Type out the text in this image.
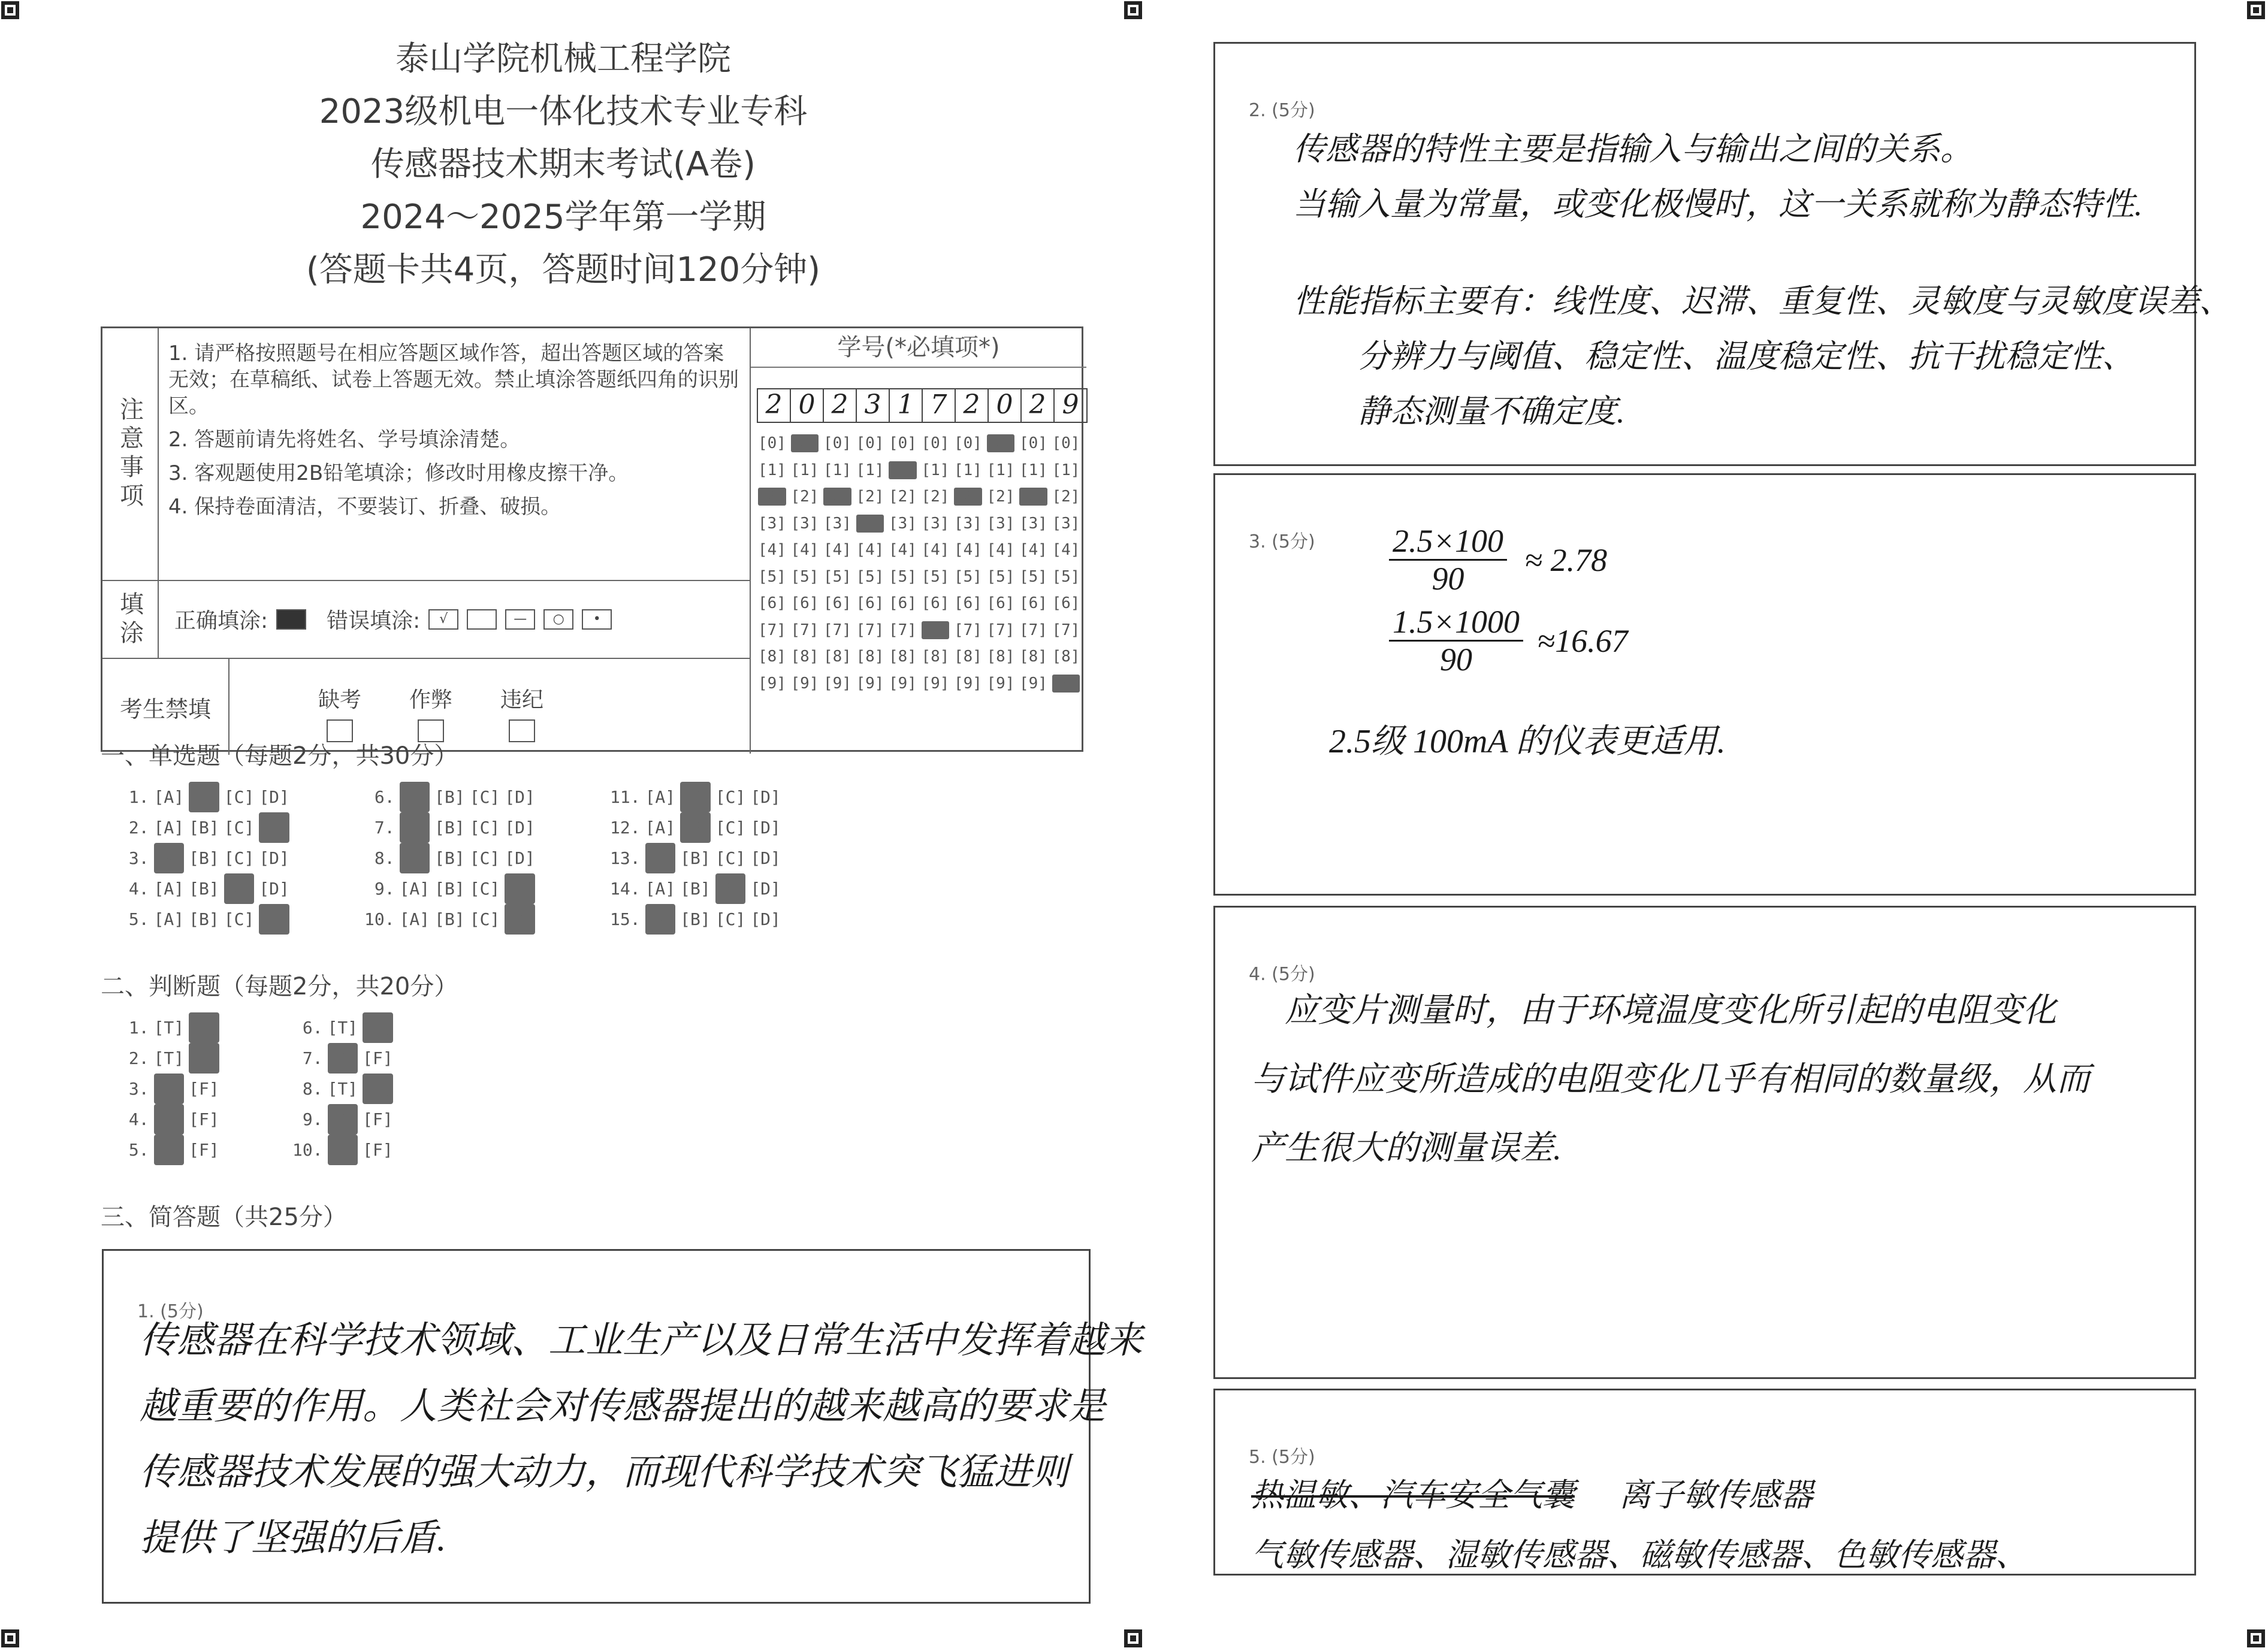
泰山学院机械工程学院
2023级机电一体化技术专业专科
传感器技术期末考试(A卷)
2024～2025学年第一学期
(答题卡共4页，答题时间120分钟)
注意事项

1. 请严格按照题号在相应答题区域作答，超出答题区域的答案无效；在草稿纸、试卷上答题无效。禁止填涂答题纸四角的识别区。

2. 答题前请先将姓名、学号填涂清楚。

3. 客观题使用2B铅笔填涂；修改时用橡皮擦干净。

4. 保持卷面清洁，不要装订、折叠、破损。

填涂 正确填涂:	错误填涂:	√	—	○	•
考生禁填	缺考 作弊 违纪
学号(*必填项*)
2 0 2 3 1 7 2 0 2 9
[0] [0] [0] [0] [0] [0] [0] [0] [0] [0]
[1] [1] [1] [1] [1] [1] [1] [1] [1] [1]
[2] [2] [2] [2] [2] [2] [2] [2] [2] [2]
[3] [3] [3] [3] [3] [3] [3] [3] [3] [3]
[4] [4] [4] [4] [4] [4] [4] [4] [4] [4]
[5] [5] [5] [5] [5] [5] [5] [5] [5] [5]
[6] [6] [6] [6] [6] [6] [6] [6] [6] [6]
[7] [7] [7] [7] [7] [7] [7] [7] [7] [7]
[8] [8] [8] [8] [8] [8] [8] [8] [8] [8]
[9] [9] [9] [9] [9] [9] [9] [9] [9] [9]
一、单选题（每题2分，共30分）
1. [A] [B] [C] [D]	6. [A] [B] [C] [D]	11. [A] [B] [C] [D]
2. [A] [B] [C] [D]	7. [A] [B] [C] [D]	12. [A] [B] [C] [D]
3. [A] [B] [C] [D]	8. [A] [B] [C] [D]	13. [A] [B] [C] [D]
4. [A] [B] [C] [D]	9. [A] [B] [C] [D]	14. [A] [B] [C] [D]
5. [A] [B] [C] [D]	10. [A] [B] [C] [D]	15. [A] [B] [C] [D]
二、判断题（每题2分，共20分）
1. [T] [F]	6. [T] [F]
2. [T] [F]	7. [T] [F]
3. [T] [F]	8. [T] [F]
4. [T] [F]	9. [T] [F]
5. [T] [F]	10. [T] [F]
三、简答题（共25分）
1. (5分)

传感器在科学技术领域、工业生产以及日常生活中发挥着越来

越重要的作用。人类社会对传感器提出的越来越高的要求是

传感器技术发展的强大动力，而现代科学技术突飞猛进则

提供了坚强的后盾.

2. (5分)

传感器的特性主要是指输入与输出之间的关系。

当输入量为常量，或变化极慢时，这一关系就称为静态特性.

性能指标主要有：线性度、迟滞、重复性、灵敏度与灵敏度误差、

　　分辨力与阈值、稳定性、温度稳定性、抗干扰稳定性、

　　静态测量不确定度.

3. (5分) $\frac{2.5\times 100}{90} \approx 2.78$
$\frac{1.5\times 1000}{90} \approx 16.67$
2.5级 100mA 的仪表更适用.
4. (5分)

　应变片测量时，由于环境温度变化所引起的电阻变化

与试件应变所造成的电阻变化几乎有相同的数量级，从而

产生很大的测量误差.

5. (5分)

热温敏、汽车安全气囊 离子敏传感器

气敏传感器、湿敏传感器、磁敏传感器、色敏传感器、
